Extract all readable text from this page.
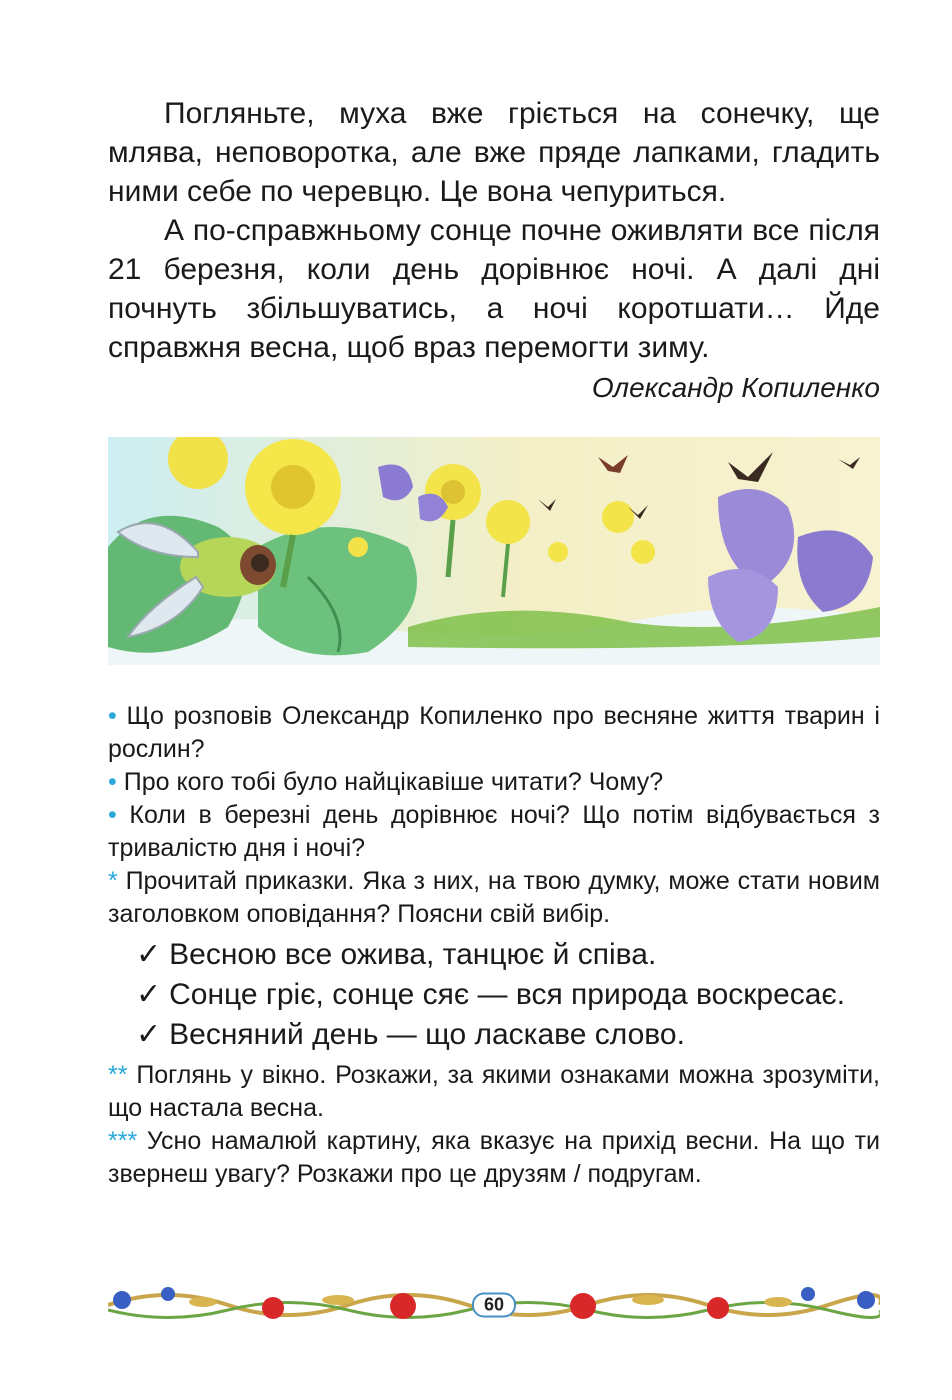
Погляньте, муха вже гріється на сонечку, ще млява, неповоротка, але вже пряде лапками, гладить ними себе по черевцю. Це вона чепуриться.

А по-справжньому сонце почне оживляти все після 21 березня, коли день дорівнює ночі. А далі дні почнуть збільшуватись, а ночі коротшати… Йде справжня весна, щоб враз перемогти зиму.

Олександр Копиленко

• Що розповів Олександр Копиленко про весняне життя тварин і рослин?

• Про кого тобі було найцікавіше читати? Чому?

• Коли в березні день дорівнює ночі? Що потім відбувається з тривалістю дня і ночі?

* Прочитай приказки. Яка з них, на твою думку, може стати новим заголовком оповідання? Поясни свій вибір.

✓ Весною все ожива, танцює й співа.
✓ Сонце гріє, сонце сяє — вся природа воскресає.
✓ Весняний день — що ласкаве слово.

** Поглянь у вікно. Розкажи, за якими ознаками можна зрозуміти, що настала весна.

*** Усно намалюй картину, яка вказує на прихід весни. На що ти звернеш увагу? Розкажи про це друзям / подругам.

60
